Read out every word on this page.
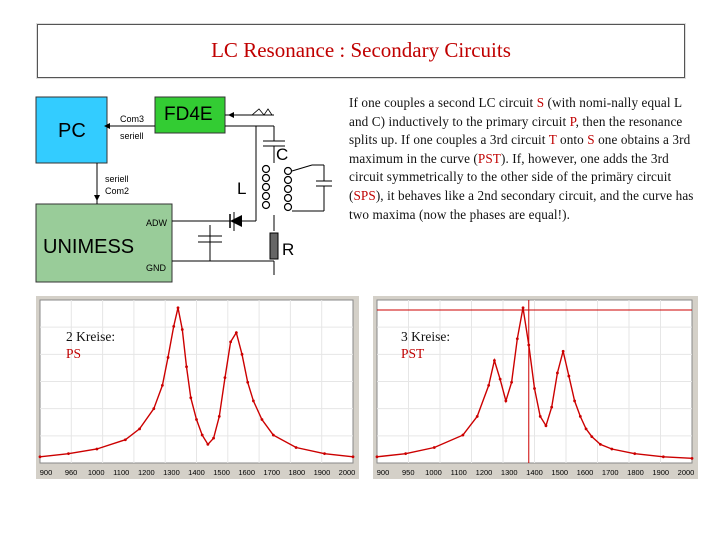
LC Resonance : Secondary Circuits
PC
FD4E
UNIMESS
ADW
GND
Com3
seriell
seriell
Com2
C
L
R
If one couples a second LC circuit S (with nomi-nally equal L and C) inductively to the primary circuit P, then the resonance splits up. If one couples a 3rd circuit T onto S one obtains a 3rd maximum in the curve (PST). If, however, one adds the 3rd circuit symmetrically to the other side of the primäry circuit (SPS), it behaves like a 2nd secondary circuit, and the curve has two maxima (now the phases are equal!).
900 960 1000 1100 1200 1300 1400 1500 1600 1700 1800 1900 2000
2 Kreise:
PS
900 950 1000 1100 1200 1300 1400 1500 1600 1700 1800 1900 2000
3 Kreise:
PST
